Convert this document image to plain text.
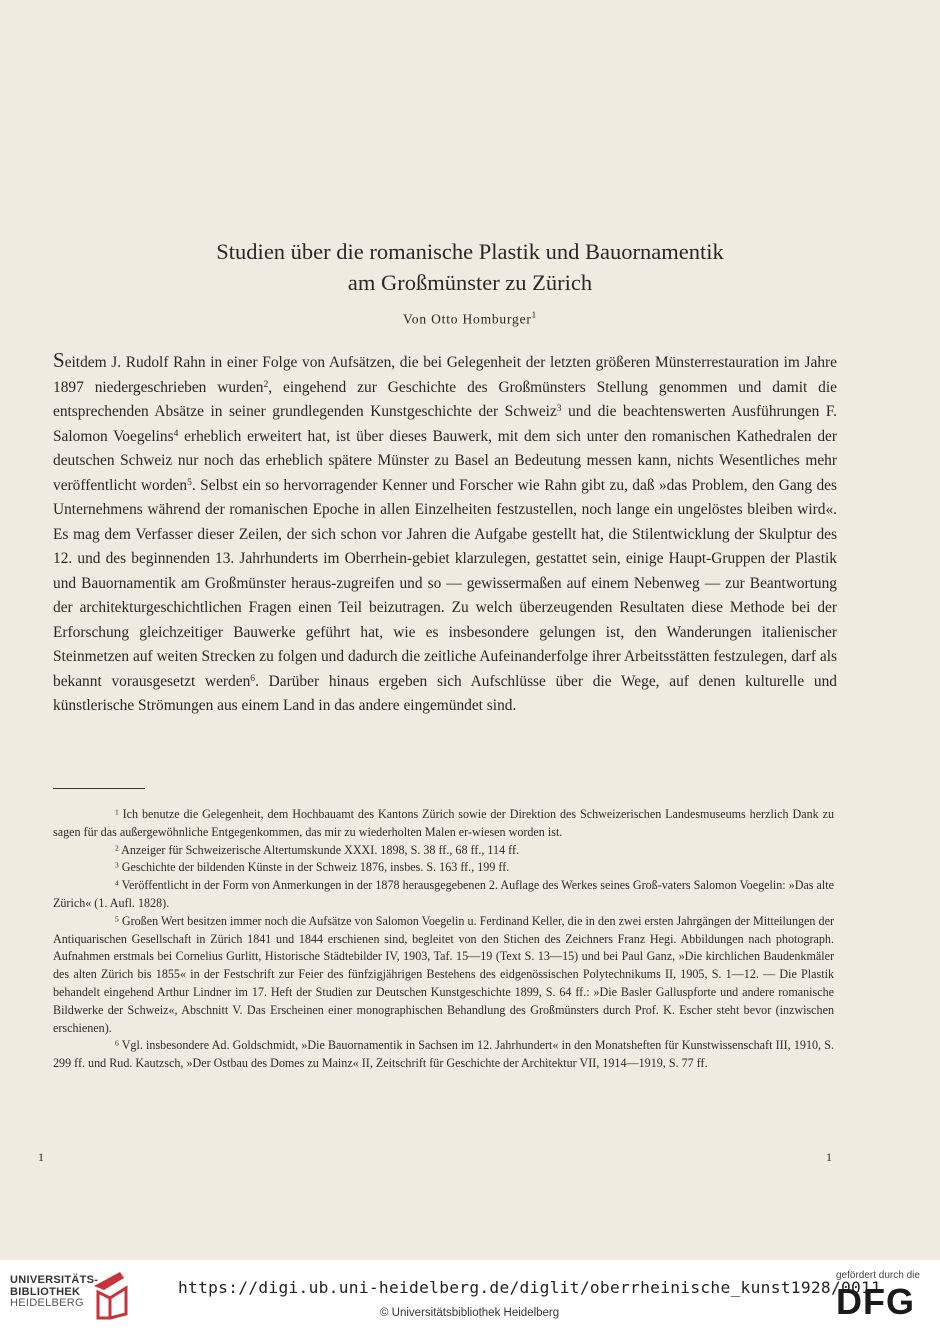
Studien über die romanische Plastik und Bauornamentik
am Großmünster zu Zürich
Von Otto Homburger$^1$

Seitdem J. Rudolf Rahn in einer Folge von Aufsätzen, die bei Gelegenheit der letzten größeren Münsterrestauration im Jahre 1897 niedergeschrieben wurden$^2$, eingehend zur Geschichte des Großmünsters Stellung genommen und damit die entsprechenden Absätze in seiner grundlegenden Kunstgeschichte der Schweiz$^3$ und die beachtenswerten Ausführungen F. Salomon Voegelins$^4$ erheblich erweitert hat, ist über dieses Bauwerk, mit dem sich unter den romanischen Kathedralen der deutschen Schweiz nur noch das erheblich spätere Münster zu Basel an Bedeutung messen kann, nichts Wesentliches mehr veröffentlicht worden$^5$. Selbst ein so hervorragender Kenner und Forscher wie Rahn gibt zu, daß »das Problem, den Gang des Unternehmens während der romanischen Epoche in allen Einzelheiten festzustellen, noch lange ein ungelöstes bleiben wird«. Es mag dem Verfasser dieser Zeilen, der sich schon vor Jahren die Aufgabe gestellt hat, die Stilentwicklung der Skulptur des 12. und des beginnenden 13. Jahrhunderts im Oberrhein-gebiet klarzulegen, gestattet sein, einige Haupt-Gruppen der Plastik und Bauornamentik am Großmünster heraus-zugreifen und so — gewissermaßen auf einem Nebenweg — zur Beantwortung der architekturgeschichtlichen Fragen einen Teil beizutragen. Zu welch überzeugenden Resultaten diese Methode bei der Erforschung gleichzeitiger Bauwerke geführt hat, wie es insbesondere gelungen ist, den Wanderungen italienischer Steinmetzen auf weiten Strecken zu folgen und dadurch die zeitliche Aufeinanderfolge ihrer Arbeitsstätten festzulegen, darf als bekannt vorausgesetzt werden$^6$. Darüber hinaus ergeben sich Aufschlüsse über die Wege, auf denen kulturelle und künstlerische Strömungen aus einem Land in das andere eingemündet sind.

$^1$ Ich benutze die Gelegenheit, dem Hochbauamt des Kantons Zürich sowie der Direktion des Schweizerischen Landesmuseums herzlich Dank zu sagen für das außergewöhnliche Entgegenkommen, das mir zu wiederholten Malen er-wiesen worden ist.

$^2$ Anzeiger für Schweizerische Altertumskunde XXXI. 1898, S. 38 ff., 68 ff., 114 ff.

$^3$ Geschichte der bildenden Künste in der Schweiz 1876, insbes. S. 163 ff., 199 ff.

$^4$ Veröffentlicht in der Form von Anmerkungen in der 1878 herausgegebenen 2. Auflage des Werkes seines Groß-vaters Salomon Voegelin: »Das alte Zürich« (1. Aufl. 1828).

$^5$ Großen Wert besitzen immer noch die Aufsätze von Salomon Voegelin u. Ferdinand Keller, die in den zwei ersten Jahrgängen der Mitteilungen der Antiquarischen Gesellschaft in Zürich 1841 und 1844 erschienen sind, begleitet von den Stichen des Zeichners Franz Hegi. Abbildungen nach photograph. Aufnahmen erstmals bei Cornelius Gurlitt, Historische Städtebilder IV, 1903, Taf. 15—19 (Text S. 13—15) und bei Paul Ganz, »Die kirchlichen Baudenkmäler des alten Zürich bis 1855« in der Festschrift zur Feier des fünfzigjährigen Bestehens des eidgenössischen Polytechnikums II, 1905, S. 1—12. — Die Plastik behandelt eingehend Arthur Lindner im 17. Heft der Studien zur Deutschen Kunstgeschichte 1899, S. 64 ff.: »Die Basler Galluspforte und andere romanische Bildwerke der Schweiz«, Abschnitt V. Das Erscheinen einer monographischen Behandlung des Großmünsters durch Prof. K. Escher steht bevor (inzwischen erschienen).

$^6$ Vgl. insbesondere Ad. Goldschmidt, »Die Bauornamentik in Sachsen im 12. Jahrhundert« in den Monatsheften für Kunstwissenschaft III, 1910, S. 299 ff. und Rud. Kautzsch, »Der Ostbau des Domes zu Mainz« II, Zeitschrift für Geschichte der Architektur VII, 1914—1919, S. 77 ff.

1	1
UNIVERSITÄTS-
BIBLIOTHEK
HEIDELBERG
https://digi.ub.uni-heidelberg.de/diglit/oberrheinische_kunst1928/0011
© Universitätsbibliothek Heidelberg
gefördert durch die
DFG
